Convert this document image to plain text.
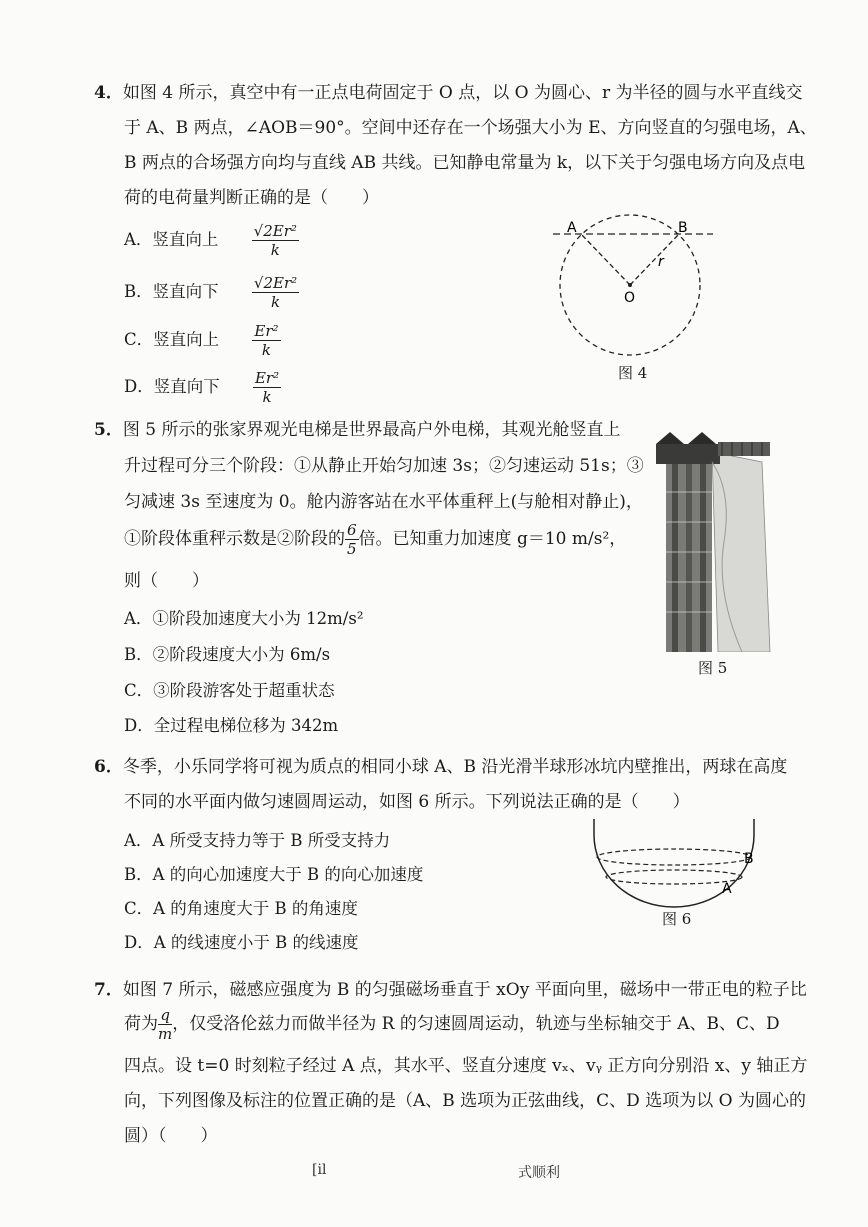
4．如图 4 所示，真空中有一正点电荷固定于 O 点，以 O 为圆心、r 为半径的圆与水平直线交
于 A、B 两点，∠AOB＝90°。空间中还存在一个场强大小为 E、方向竖直的匀强电场，A、
B 两点的合场强方向均与直线 AB 共线。已知静电常量为 k，以下关于匀强电场方向及点电
荷的电荷量判断正确的是（　　）
A．竖直向上 $\frac{\text{√2Er²}}{k}$
B．竖直向下 $\frac{\text{√2Er²}}{k}$
C．竖直向上 $\frac{\text{Er²}}{k}$
D．竖直向下 $\frac{\text{Er²}}{k}$
A	B
O
r
图 4
5．图 5 所示的张家界观光电梯是世界最高户外电梯，其观光舱竖直上
升过程可分三个阶段：①从静止开始匀加速 3s；②匀速运动 51s；③
匀减速 3s 至速度为 0。舱内游客站在水平体重秤上(与舱相对静止)，
①阶段体重秤示数是②阶段的 $\frac{6}{5}$ 倍。已知重力加速度 g＝10 m/s²，
则（　　）
A．①阶段加速度大小为 12m/s²
B．②阶段速度大小为 6m/s
C．③阶段游客处于超重状态
D．全过程电梯位移为 342m
图 5
6．冬季，小乐同学将可视为质点的相同小球 A、B 沿光滑半球形冰坑内壁推出，两球在高度
不同的水平面内做匀速圆周运动，如图 6 所示。下列说法正确的是（　　）
A．A 所受支持力等于 B 所受支持力
B．A 的向心加速度大于 B 的向心加速度
C．A 的角速度大于 B 的角速度
D．A 的线速度小于 B 的线速度
B
A
图 6
7．如图 7 所示，磁感应强度为 B 的匀强磁场垂直于 xOy 平面向里，磁场中一带正电的粒子比
荷为 $\frac{q}{m}$ ，仅受洛伦兹力而做半径为 R 的匀速圆周运动，轨迹与坐标轴交于 A、B、C、D
四点。设 t=0 时刻粒子经过 A 点，其水平、竖直分速度 vₓ、vᵧ 正方向分别沿 x、y 轴正方
向，下列图像及标注的位置正确的是（A、B 选项为正弦曲线，C、D 选项为以 O 为圆心的
圆）（　　）
[ⅰl	式顺利
